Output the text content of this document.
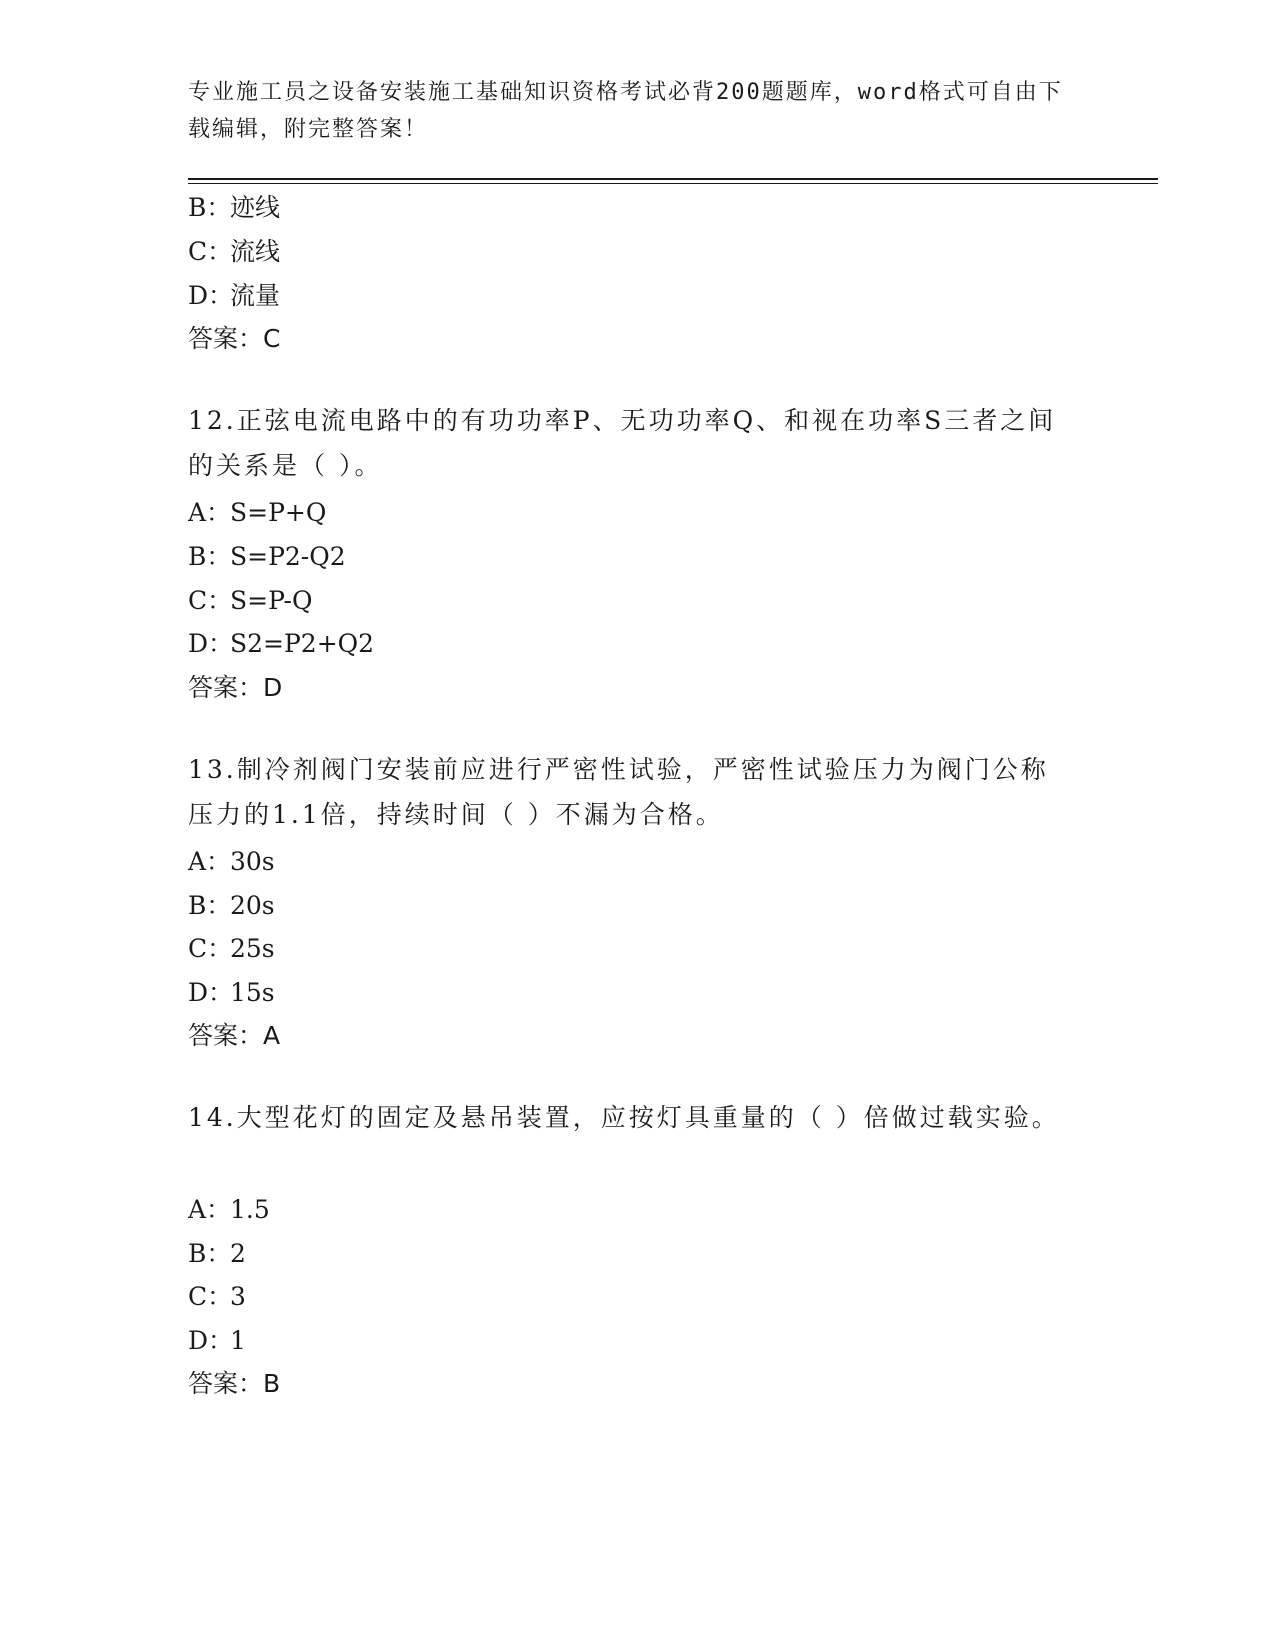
专业施工员之设备安装施工基础知识资格考试必背200题题库，word格式可自由下载编辑，附完整答案！
B：迹线
C：流线
D：流量
答案：C
12.正弦电流电路中的有功功率P、无功功率Q、和视在功率S三者之间的关系是（ ）。
A：S=P+Q
B：S=P2-Q2
C：S=P-Q
D：S2=P2+Q2
答案：D
13.制冷剂阀门安装前应进行严密性试验，严密性试验压力为阀门公称压力的1.1倍，持续时间（ ）不漏为合格。
A：30s
B：20s
C：25s
D：15s
答案：A
14.大型花灯的固定及悬吊装置，应按灯具重量的（ ）倍做过载实验。
A：1.5
B：2
C：3
D：1
答案：B
